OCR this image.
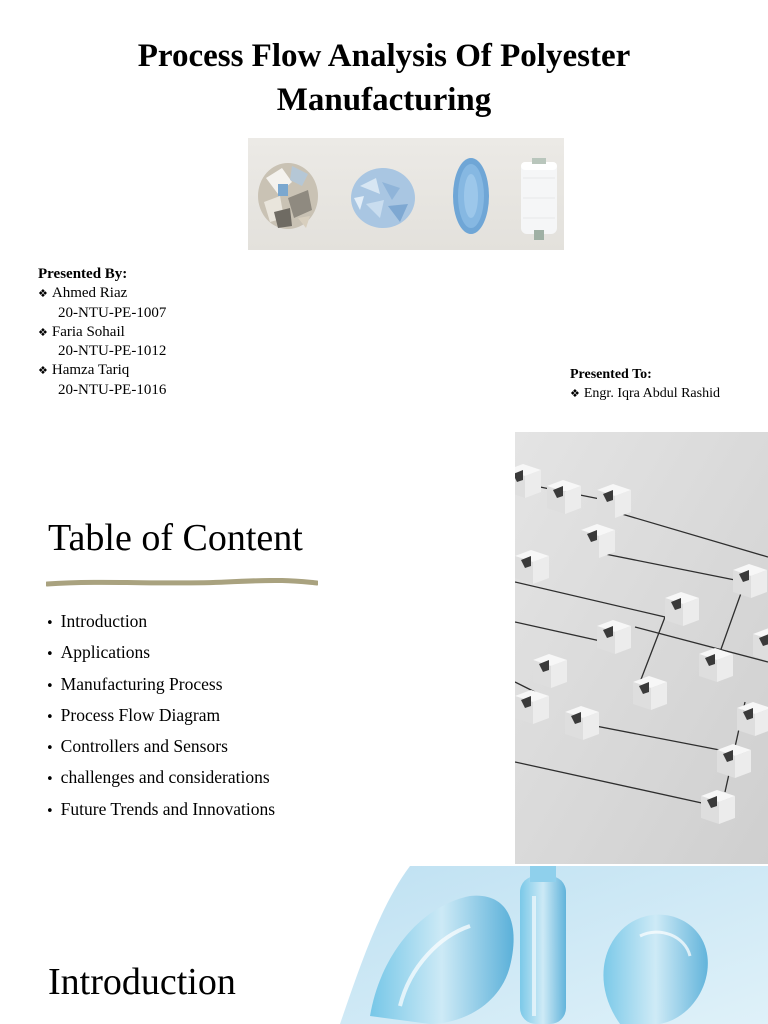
Process Flow Analysis Of Polyester Manufacturing
Presented By:
❖ Ahmed Riaz
20-NTU-PE-1007
❖ Faria Sohail
20-NTU-PE-1012
❖ Hamza Tariq
20-NTU-PE-1016
Presented To:
❖ Engr. Iqra Abdul Rashid
Table of Content
• Introduction
• Applications
• Manufacturing Process
• Process Flow Diagram
• Controllers and Sensors
• challenges and considerations
• Future Trends and Innovations
Introduction
